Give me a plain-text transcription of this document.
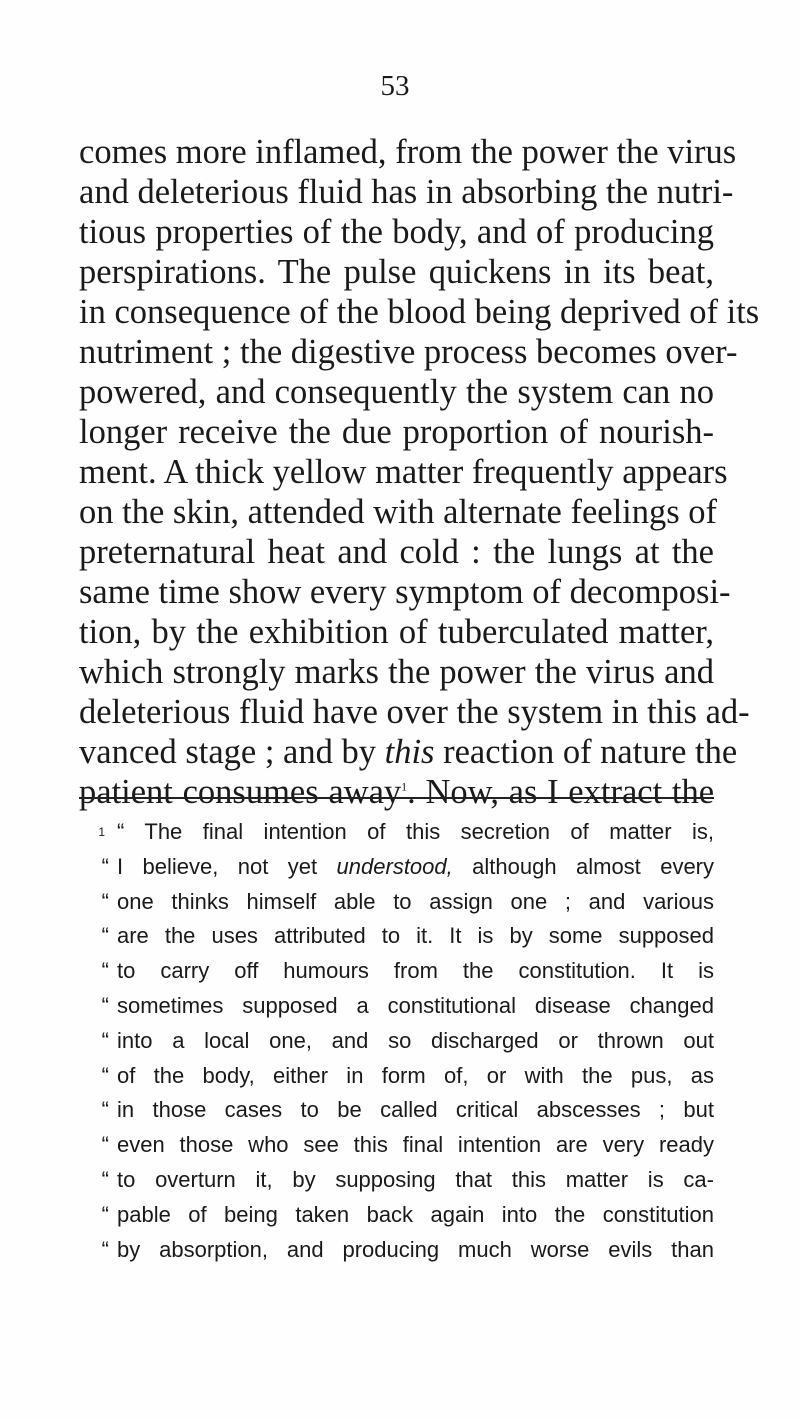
53
comes more inflamed, from the power the virus
and deleterious fluid has in absorbing the nutri-
tious properties of the body, and of producing
perspirations. The pulse quickens in its beat,
in consequence of the blood being deprived of its
nutriment ; the digestive process becomes over-
powered, and consequently the system can no
longer receive the due proportion of nourish-
ment. A thick yellow matter frequently appears
on the skin, attended with alternate feelings of
preternatural heat and cold : the lungs at the
same time show every symptom of decomposi-
tion, by the exhibition of tuberculated matter,
which strongly marks the power the virus and
deleterious fluid have over the system in this ad-
vanced stage ; and by this reaction of nature the
patient consumes away$^1$. Now, as I extract the
$^1$ “ The final intention of this secretion of matter is,
“ I believe, not yet understood, although almost every
“ one thinks himself able to assign one ; and various
“ are the uses attributed to it. It is by some supposed
“ to carry off humours from the constitution. It is
“ sometimes supposed a constitutional disease changed
“ into a local one, and so discharged or thrown out
“ of the body, either in form of, or with the pus, as
“ in those cases to be called critical abscesses ; but
“ even those who see this final intention are very ready
“ to overturn it, by supposing that this matter is ca-
“ pable of being taken back again into the constitution
“ by absorption, and producing much worse evils than
